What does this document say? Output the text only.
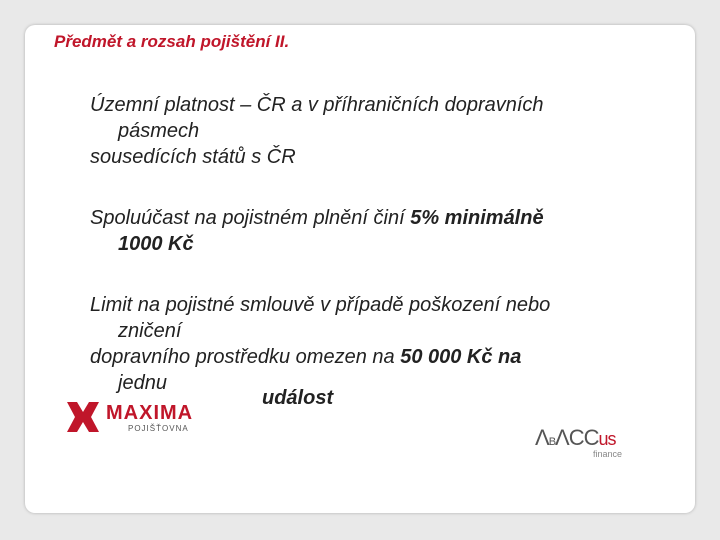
Předmět a rozsah pojištění II.
Územní platnost – ČR a v příhraničních dopravních
pásmech
sousedících států s ČR
Spoluúčast na pojistném plnění činí 5% minimálně
1000 Kč
Limit na pojistné smlouvě v případě poškození nebo
zničení
dopravního prostředku omezen na 50 000 Kč na
jednu
událost
MAXIMA
POJIŠŤOVNA	ΛBΛCCus
finance
